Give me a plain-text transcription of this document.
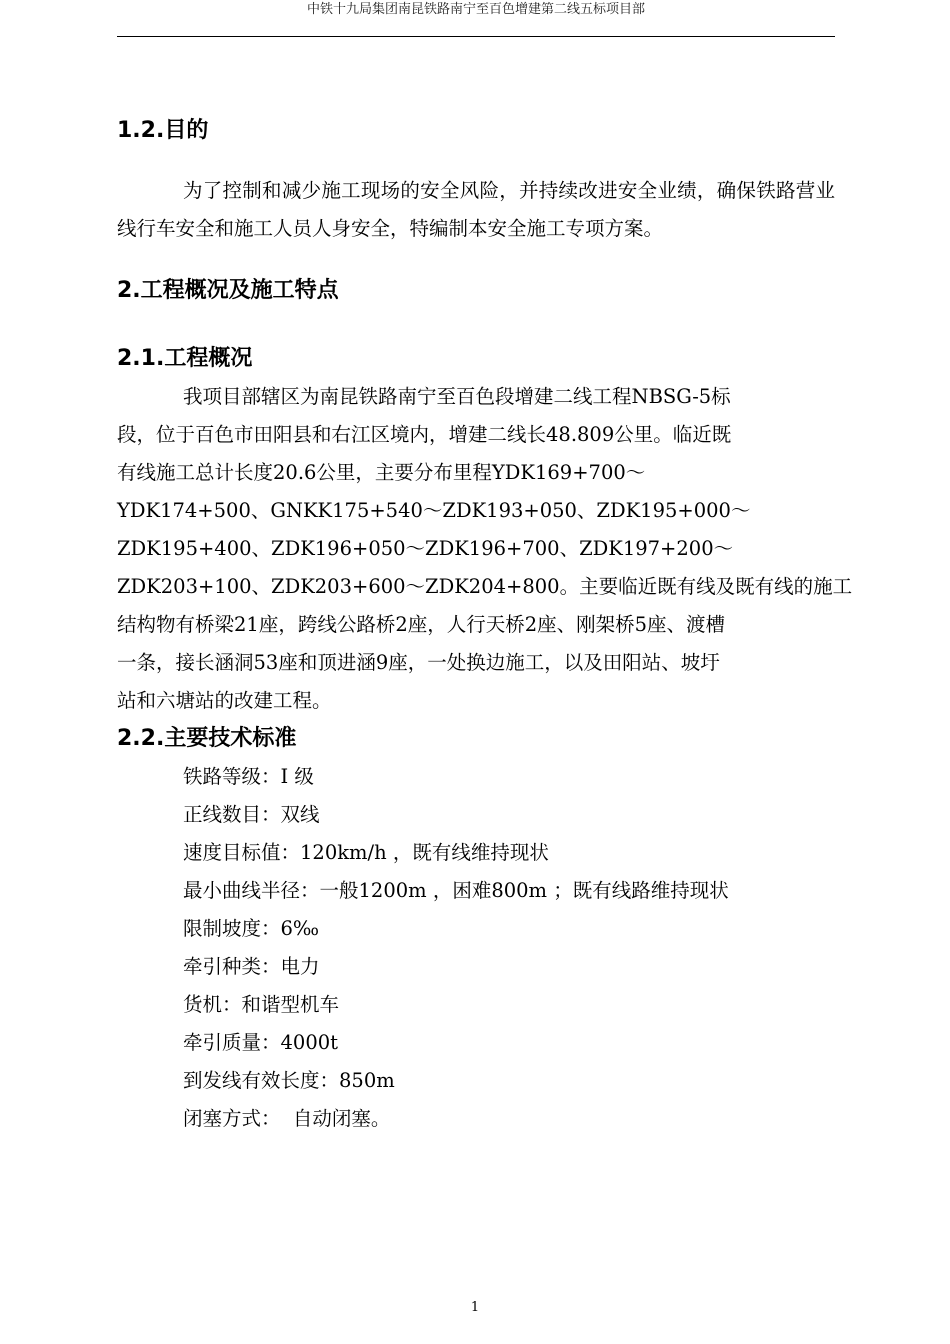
中铁十九局集团南昆铁路南宁至百色增建第二线五标项目部
1.2.目的

为了控制和减少施工现场的安全风险，并持续改进安全业绩，确保铁路营业线行车安全和施工人员人身安全，特编制本安全施工专项方案。

2.工程概况及施工特点
2.1.工程概况

我项目部辖区为南昆铁路南宁至百色段增建二线工程NBSG-5标

段，位于百色市田阳县和右江区境内，增建二线长48.809公里。临近既

有线施工总计长度20.6公里，主要分布里程YDK169+700～

YDK174+500、GNKK175+540～ZDK193+050、ZDK195+000～

ZDK195+400、ZDK196+050～ZDK196+700、ZDK197+200～

ZDK203+100、ZDK203+600～ZDK204+800。主要临近既有线及既有线的施工

结构物有桥梁21座，跨线公路桥2座，人行天桥2座、刚架桥5座、渡槽

一条，接长涵洞53座和顶进涵9座，一处换边施工，以及田阳站、坡圩

站和六塘站的改建工程。

2.2.主要技术标准

铁路等级：Ⅰ 级

正线数目：双线

速度目标值：120km/h ，既有线维持现状

最小曲线半径：一般1200m ，困难800m ；既有线路维持现状

限制坡度：6‰

牵引种类：电力

货机：和谐型机车

牵引质量：4000t

到发线有效长度：850m

闭塞方式：  自动闭塞。

1
